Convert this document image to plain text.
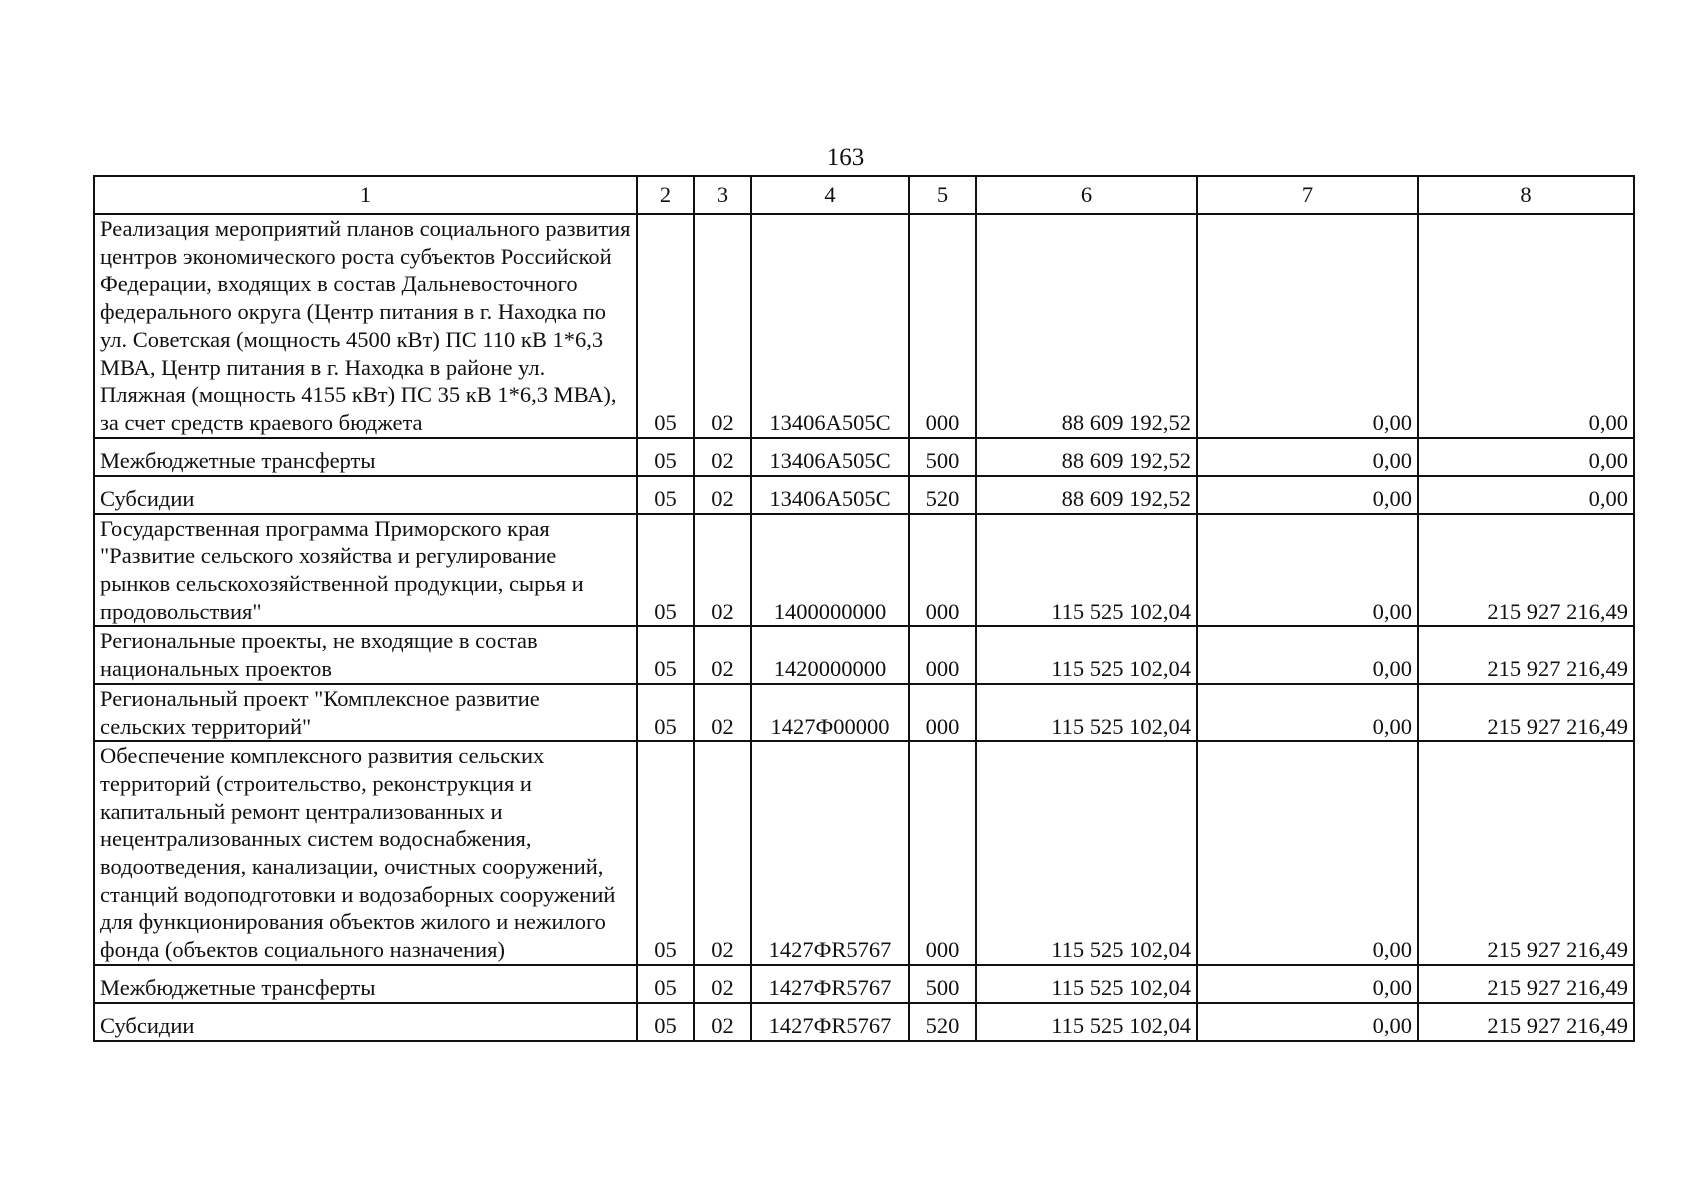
163
1	2	3	4	5	6	7	8
Реализация мероприятий планов социального развития центров экономического роста субъектов Российской Федерации, входящих в состав Дальневосточного федерального округа (Центр питания в г. Находка по ул. Советская (мощность 4500 кВт) ПС 110 кВ 1*6,3 МВА, Центр питания в г. Находка в районе ул. Пляжная (мощность 4155 кВт) ПС 35 кВ 1*6,3 МВА), за счет средств краевого бюджета	05	02	13406А505С	000	88 609 192,52	0,00	0,00
Межбюджетные трансферты	05	02	13406А505С	500	88 609 192,52	0,00	0,00
Субсидии	05	02	13406А505С	520	88 609 192,52	0,00	0,00
Государственная программа Приморского края "Развитие сельского хозяйства и регулирование рынков сельскохозяйственной продукции, сырья и продовольствия"	05	02	1400000000	000	115 525 102,04	0,00	215 927 216,49
Региональные проекты, не входящие в состав национальных проектов	05	02	1420000000	000	115 525 102,04	0,00	215 927 216,49
Региональный проект "Комплексное развитие сельских территорий"	05	02	1427Ф00000	000	115 525 102,04	0,00	215 927 216,49
Обеспечение комплексного развития сельских территорий (строительство, реконструкция и капитальный ремонт централизованных и нецентрализованных систем водоснабжения, водоотведения, канализации, очистных сооружений, станций водоподготовки и водозаборных сооружений для функционирования объектов жилого и нежилого фонда (объектов социального назначения)	05	02	1427ФR5767	000	115 525 102,04	0,00	215 927 216,49
Межбюджетные трансферты	05	02	1427ФR5767	500	115 525 102,04	0,00	215 927 216,49
Субсидии	05	02	1427ФR5767	520	115 525 102,04	0,00	215 927 216,49
